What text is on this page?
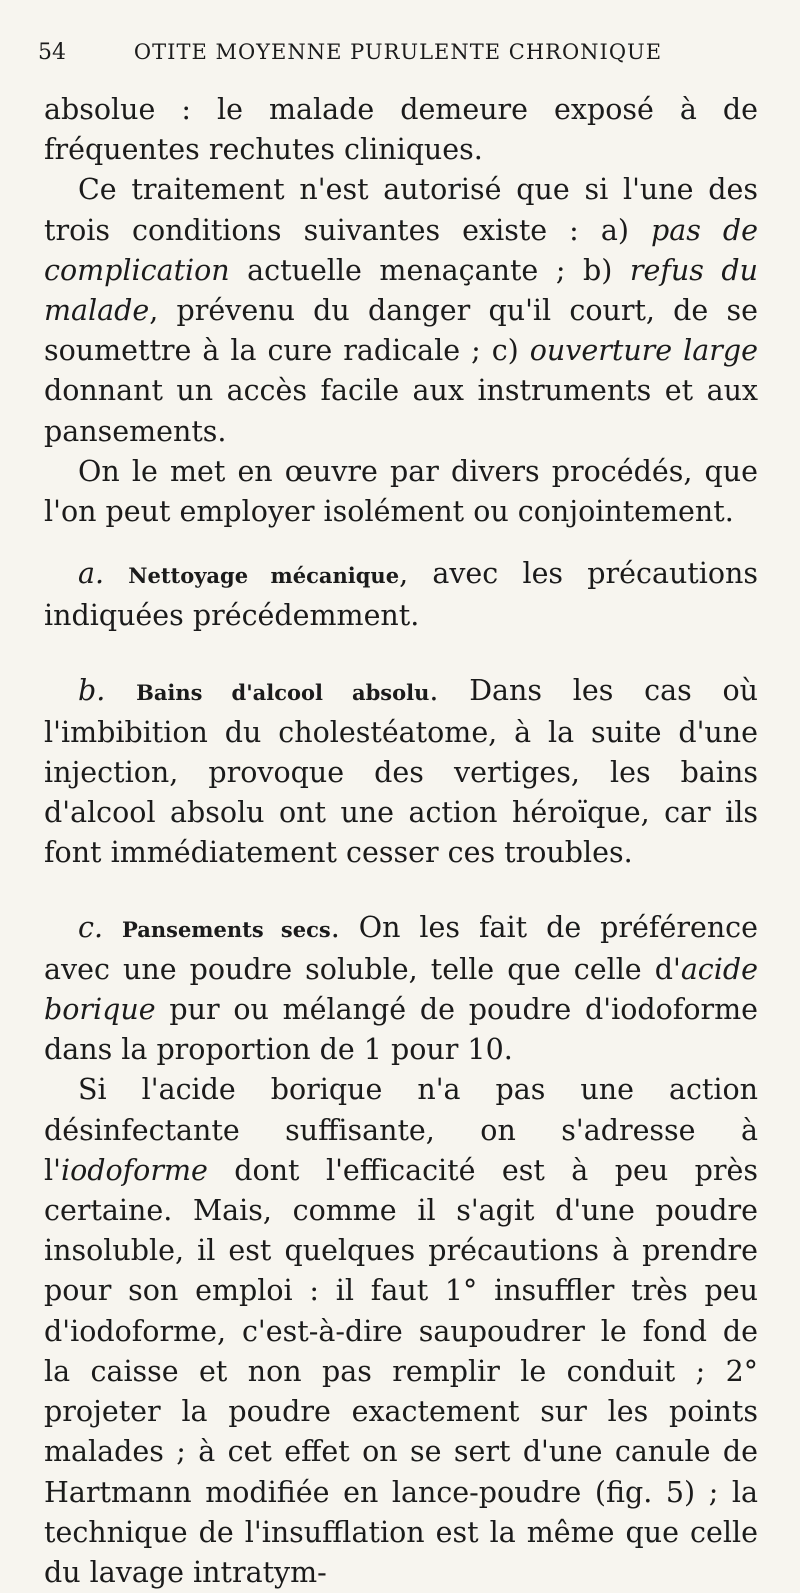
54	OTITE MOYENNE PURULENTE CHRONIQUE

absolue : le malade demeure exposé à de fréquentes rechutes cliniques.

Ce traitement n'est autorisé que si l'une des trois conditions suivantes existe : a) pas de complication actuelle menaçante ; b) refus du malade, prévenu du danger qu'il court, de se soumettre à la cure radicale ; c) ouverture large donnant un accès facile aux instruments et aux pansements.

On le met en œuvre par divers procédés, que l'on peut employer isolément ou conjointement.

a. Nettoyage mécanique, avec les précautions indiquées précédemment.

b. Bains d'alcool absolu. Dans les cas où l'imbibition du cholestéatome, à la suite d'une injection, provoque des vertiges, les bains d'alcool absolu ont une action héroïque, car ils font immédiatement cesser ces troubles.

c. Pansements secs. On les fait de préférence avec une poudre soluble, telle que celle d'acide borique pur ou mélangé de poudre d'iodoforme dans la proportion de 1 pour 10.

Si l'acide borique n'a pas une action désinfectante suffisante, on s'adresse à l'iodoforme dont l'efficacité est à peu près certaine. Mais, comme il s'agit d'une poudre insoluble, il est quelques précautions à prendre pour son emploi : il faut 1° insuffler très peu d'iodoforme, c'est-à-dire saupoudrer le fond de la caisse et non pas remplir le conduit ; 2° projeter la poudre exactement sur les points malades ; à cet effet on se sert d'une canule de Hartmann modifiée en lance-poudre (fig. 5) ; la technique de l'insufflation est la même que celle du lavage intratym-
